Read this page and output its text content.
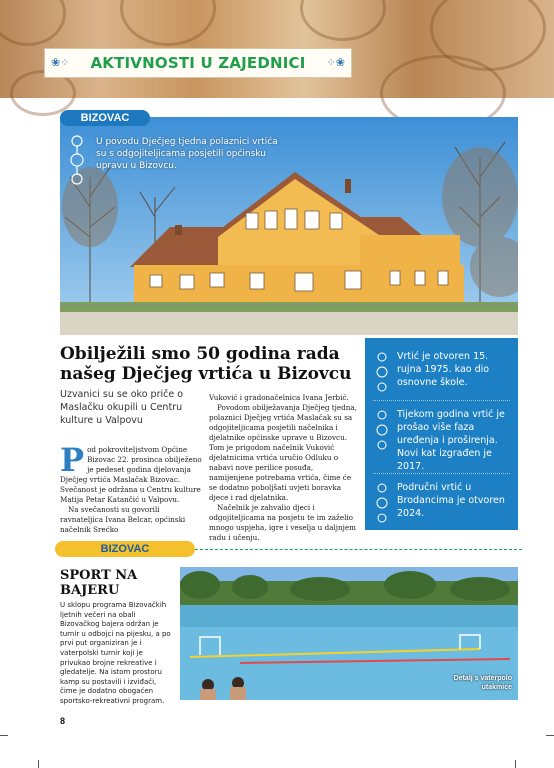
❀⁘ AKTIVNOSTI U ZAJEDNICI ⁘❀
BIZOVAC
U povodu Dječjeg tjedna polaznici vrtića su s odgojiteljicama posjetili općinsku upravu u Bizovcu.
Obilježili smo 50 godina rada našeg Dječjeg vrtića u Bizovcu
Uzvanici su se oko priče o Maslačku okupili u Centru kulture u Valpovu
Pod pokroviteljstvom Općine Bizovac 22. prosinca obilježeno je pedeset godina djelovanja Dječjeg vrtića Maslačak Bizovac. Svečanost je održana u Centru kulture Matija Petar Katančić u Valpovu.
Na svečanosti su govorili ravnateljica Ivana Belcar, općinski načelnik Srećko
Vuković i gradonačelnica Ivana Jerbić.
Povodom obilježavanja Dječjeg tjedna, polaznici Dječjeg vrtića Maslačak su sa odgojiteljicama posjetili načelnika i djelatnike općinske uprave u Bizovcu. Tom je prigodom načelnik Vuković djelatnicima vrtića uručio Odluku o nabavi nove perilice posuđa, namijenjene potrebama vrtića, čime će se dodatno poboljšati uvjeti boravka djece i rad djelatnika.
Načelnik je zahvalio djeci i odgojiteljicama na posjetu te im zaželio mnogo uspjeha, igre i veselja u daljnjem radu i učenju.
Vrtić je otvoren 15. rujna 1975. kao dio osnovne škole.
Tijekom godina vrtić je prošao više faza uređenja i proširenja. Novi kat izgrađen je 2017.
Područni vrtić u Brodancima je otvoren 2024.
BIZOVAC
SPORT NA BAJERU
U sklopu programa Bizovačkih ljetnih večeri na obali Bizovačkog bajera održan je turnir u odbojci na pijesku, a po prvi put organiziran je i vaterpolski turnir koji je privukao brojne rekreative i gledatelje. Na istom prostoru kamp su postavili i izviđači, čime je dodatno obogaćen sportsko-rekreativni program.
Detalj s vaterpolo utakmice
8
